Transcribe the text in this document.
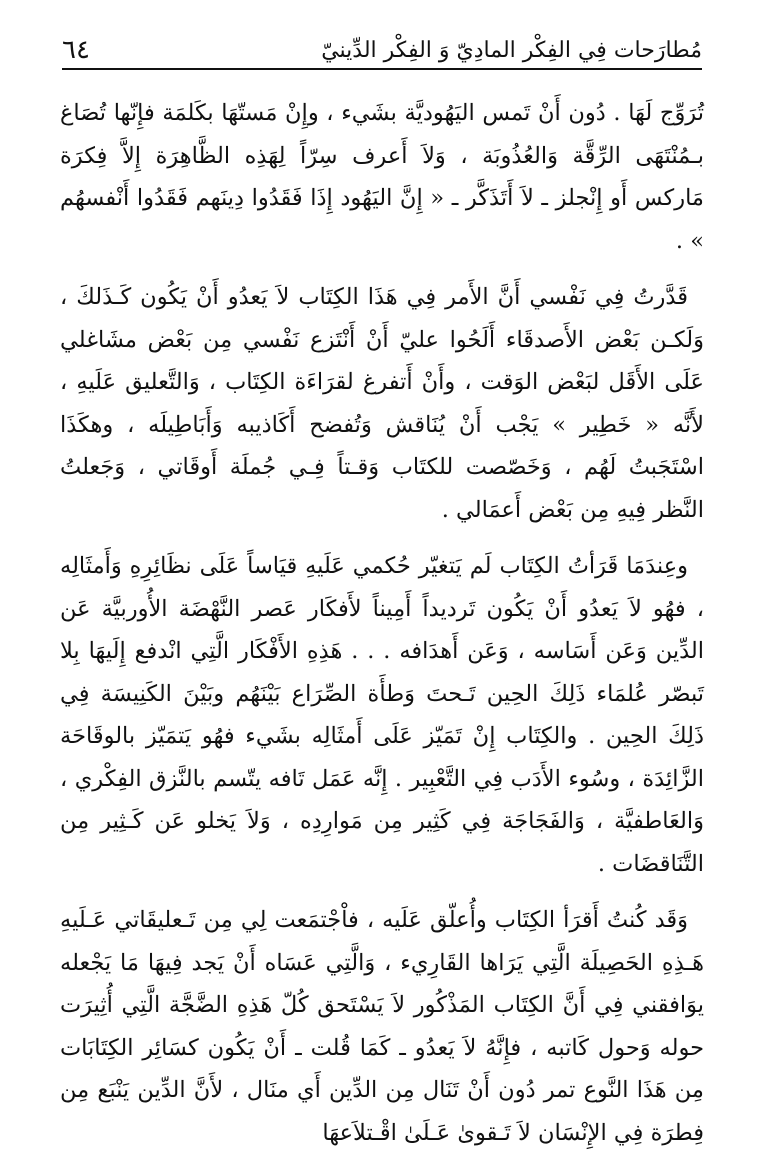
مُطارَحات فِي الفِكْر المادِيّ وَ الفِكْر الدِّينيّ
٦٤

تُرَوِّج لَهَا . دُون أَنْ تَمس اليَهُوديَّة بشَيء ، وإِنْ مَستّهَا بكَلمَة فإِنّها تُصَاغ بـمُنْتَهَى الرِّقَّة وَالعُذُوبَة ، وَلاَ أَعرف سِرّاً لِهَذِه الظَّاهِرَة إِلاَّ فِكرَة مَاركس أَو إِنْجلز ـ لاَ أَتَذَكَّر ـ « إِنَّ اليَهُود إِذَا فَقَدُوا دِينَهم فَقَدُوا أَنْفسهُم » .

قَدَّرتُ فِي نَفْسي أَنَّ الأَمر فِي هَذَا الكِتَاب لاَ يَعدُو أَنْ يَكُون كَـذَلكَ ، وَلَكـن بَعْض الأَصدقَاء أَلَحُوا عليّ أَنْ أَنْتَزع نَفْسي مِن بَعْض مشَاغلي عَلَى الأَقَل لبَعْض الوَقت ، وأَنْ أَتفرغ لقرَاءَة الكِتَاب ، وَالتَّعليق عَلَيهِ ، لأَنَّه « خَطِير » يَجْب أَنْ يُنَاقش وَتُفضح أَكَاذيبه وَأَبَاطِيلَه ، وهكَذَا اسْتَجَبتُ لَهُم ، وَخَصّصت للكتَاب وَقـتاً فِـي جُملَة أَوقَاتي ، وَجَعلتُ النَّظر فِيهِ مِن بَعْض أَعمَالي .

وعِندَمَا قَرَأتُ الكِتَاب لَم يَتغيّر حُكمي عَلَيهِ قيَاساً عَلَى نظَائِرِهِ وَأَمثَالِه ، فهُو لاَ يَعدُو أَنْ يَكُون تَرديداً أَمِيناً لأَفكَار عَصر النَّهْضَة الأُوربيَّة عَن الدِّين وَعَن أَسَاسه ، وَعَن أَهدَافه . . . هَذِهِ الأَفْكَار الَّتِي انْدفع إِلَيهَا بِلا تَبصّر عُلمَاء ذَلِكَ الحِين تَـحتَ وَطأَة الصِّرَاع بَيْنَهُم وبَيْنَ الكَنِيسَة فِي ذَلِكَ الحِين . والكِتَاب إِنْ تَمَيّز عَلَى أَمثَالِه بشَيء فهُو يَتمَيّز بالوقَاحَة الزَّائِدَة ، وسُوء الأَدَب فِي التَّعْبِير . إِنَّه عَمَل تَافه يتّسم بالنَّزق الفِكْري ، وَالعَاطفيَّة ، وَالفَجَاجَة فِي كَثِير مِن مَوارِدِه ، وَلاَ يَخلو عَن كَـثِير مِن التَّنَاقضَات .

وَقَد كُنتُ أَقرَأ الكِتَاب وأُعلّق عَلَيه ، فاْجْتمَعت لِي مِن تَـعليقَاتي عَـلَيهِ هَـذِهِ الحَصِيلَة الَّتِي يَرَاها القَارِيء ، وَالَّتِي عَسَاه أَنْ يَجد فِيهَا مَا يَجْعله يوَافقني فِي أَنَّ الكِتَاب المَذْكُور لاَ يَسْتَحق كُلّ هَذِهِ الضَّجَّة الَّتِي أُثِيرَت حوله وَحول كَاتبه ، فإِنَّهُ لاَ يَعدُو ـ كَمَا قُلت ـ أَنْ يَكُون كسَائِر الكِتَابَات مِن هَذَا النَّوع تمر دُون أَنْ تَنَال مِن الدِّين أَي منَال ، لأَنَّ الدِّين يَنْبَع مِن فِطرَة فِي الإِنْسَان لاَ تَـقوىٰ عَـلَىٰ اقْـتلاَعهَا
